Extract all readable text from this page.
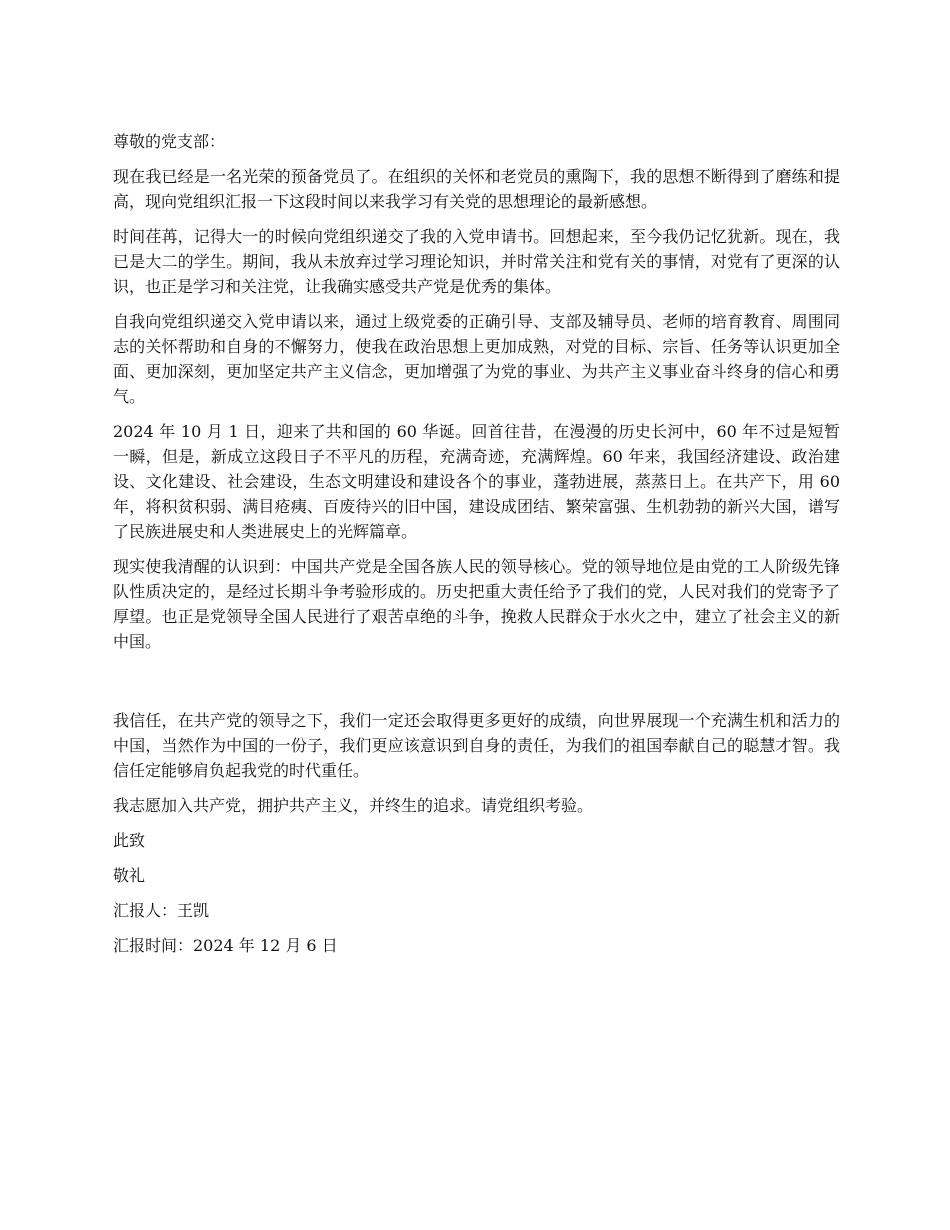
尊敬的党支部：
现在我已经是一名光荣的预备党员了。在组织的关怀和老党员的熏陶下，我的思想不断得到了磨练和提高，现向党组织汇报一下这段时间以来我学习有关党的思想理论的最新感想。
时间荏苒，记得大一的时候向党组织递交了我的入党申请书。回想起来，至今我仍记忆犹新。现在，我已是大二的学生。期间，我从未放弃过学习理论知识，并时常关注和党有关的事情，对党有了更深的认识，也正是学习和关注党，让我确实感受共产党是优秀的集体。
自我向党组织递交入党申请以来，通过上级党委的正确引导、支部及辅导员、老师的培育教育、周围同志的关怀帮助和自身的不懈努力，使我在政治思想上更加成熟，对党的目标、宗旨、任务等认识更加全面、更加深刻，更加坚定共产主义信念，更加增强了为党的事业、为共产主义事业奋斗终身的信心和勇气。
2024 年 10 月 1 日，迎来了共和国的 60 华诞。回首往昔，在漫漫的历史长河中，60 年不过是短暂一瞬，但是，新成立这段日子不平凡的历程，充满奇迹，充满辉煌。60 年来，我国经济建设、政治建设、文化建设、社会建设，生态文明建设和建设各个的事业，蓬勃进展，蒸蒸日上。在共产下，用 60 年，将积贫积弱、满目疮痍、百废待兴的旧中国，建设成团结、繁荣富强、生机勃勃的新兴大国，谱写了民族进展史和人类进展史上的光辉篇章。
现实使我清醒的认识到：中国共产党是全国各族人民的领导核心。党的领导地位是由党的工人阶级先锋队性质决定的，是经过长期斗争考验形成的。历史把重大责任给予了我们的党，人民对我们的党寄予了厚望。也正是党领导全国人民进行了艰苦卓绝的斗争，挽救人民群众于水火之中，建立了社会主义的新中国。
我信任，在共产党的领导之下，我们一定还会取得更多更好的成绩，向世界展现一个充满生机和活力的中国，当然作为中国的一份子，我们更应该意识到自身的责任，为我们的祖国奉献自己的聪慧才智。我信任定能够肩负起我党的时代重任。
我志愿加入共产党，拥护共产主义，并终生的追求。请党组织考验。
此致
敬礼
汇报人：王凯
汇报时间：2024 年 12 月 6 日
